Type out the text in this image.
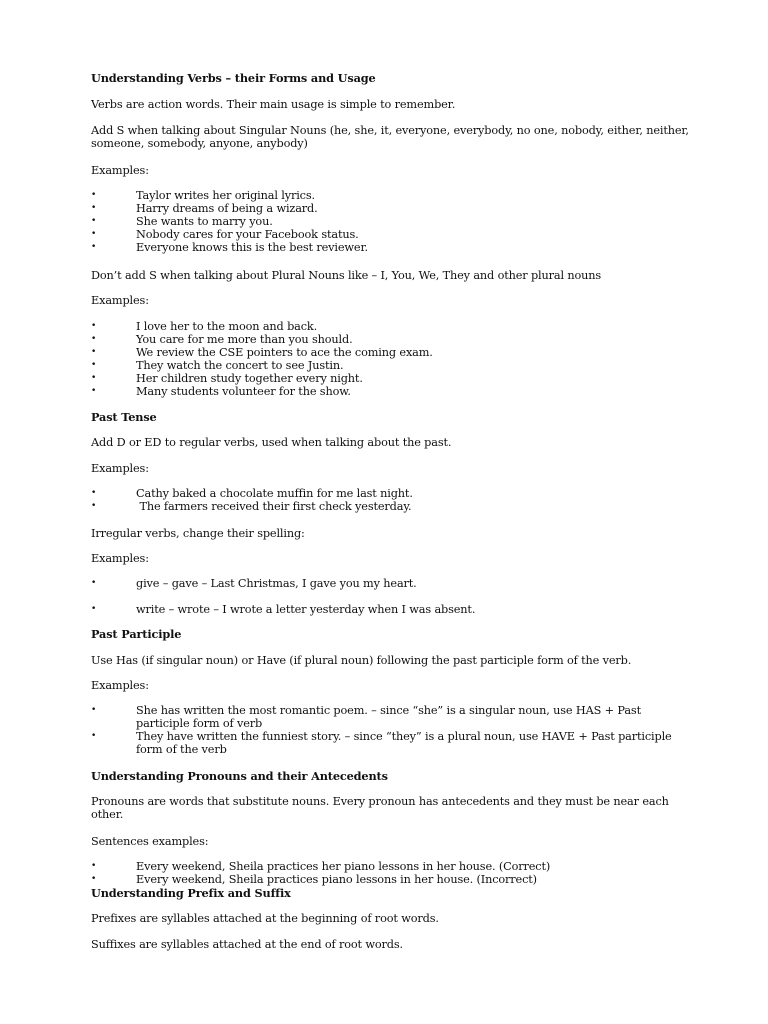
Understanding Verbs – their Forms and Usage

Verbs are action words. Their main usage is simple to remember.

Add S when talking about Singular Nouns (he, she, it, everyone, everybody, no one, nobody, either, neither, someone, somebody, anyone, anybody)

Examples:

•	Taylor writes her original lyrics.
•	Harry dreams of being a wizard.
•	She wants to marry you.
•	Nobody cares for your Facebook status.
•	Everyone knows this is the best reviewer.

Don’t add S when talking about Plural Nouns like – I, You, We, They and other plural nouns

Examples:

•	I love her to the moon and back.
•	You care for me more than you should.
•	We review the CSE pointers to ace the coming exam.
•	They watch the concert to see Justin.
•	Her children study together every night.
•	Many students volunteer for the show.

Past Tense

Add D or ED to regular verbs, used when talking about the past.

Examples:

•	Cathy baked a chocolate muffin for me last night.
•	The farmers received their first check yesterday.

Irregular verbs, change their spelling:

Examples:

•	give – gave – Last Christmas, I gave you my heart.
•	write – wrote – I wrote a letter yesterday when I was absent.

Past Participle

Use Has (if singular noun) or Have (if plural noun) following the past participle form of the verb.

Examples:

•	She has written the most romantic poem. – since “she” is a singular noun, use HAS + Past participle form of verb
•	They have written the funniest story. – since “they” is a plural noun, use HAVE + Past participle form of the verb

Understanding Pronouns and their Antecedents

Pronouns are words that substitute nouns. Every pronoun has antecedents and they must be near each other.

Sentences examples:

•	Every weekend, Sheila practices her piano lessons in her house. (Correct)
•	Every weekend, Sheila practices piano lessons in her house. (Incorrect)

Understanding Prefix and Suffix

Prefixes are syllables attached at the beginning of root words.

Suffixes are syllables attached at the end of root words.
